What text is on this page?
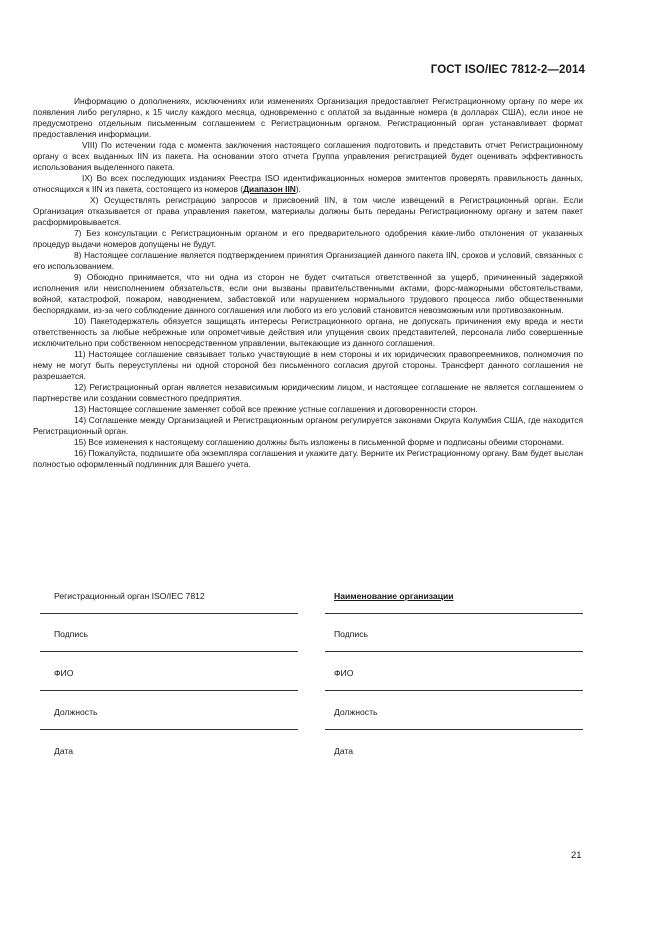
ГОСТ ISO/IEC 7812-2—2014

Информацию о дополнениях, исключениях или изменениях Организация предоставляет Регистрационному органу по мере их появления либо регулярно, к 15 числу каждого месяца, одновременно с оплатой за выданные номера (в долларах США), если иное не предусмотрено отдельным письменным соглашением с Регистрационным органом. Регистрационный орган устанавливает формат предоставления информации.

VIII) По истечении года с момента заключения настоящего соглашения подготовить и представить отчет Регистрационному органу о всех выданных IIN из пакета. На основании этого отчета Группа управления регистрацией будет оценивать эффективность использования выделенного пакета.

IX) Во всех последующих изданиях Реестра ISO идентификационных номеров эмитентов проверять правильность данных, относящихся к IIN из пакета, состоящего из номеров (Диапазон IIN).

X) Осуществлять регистрацию запросов и присвоений IIN, в том числе извещений в Регистрационный орган. Если Организация отказывается от права управления пакетом, материалы должны быть переданы Регистрационному органу и затем пакет расформировывается.

7) Без консультации с Регистрационным органом и его предварительного одобрения какие-либо отклонения от указанных процедур выдачи номеров допущены не будут.

8) Настоящее соглашение является подтверждением принятия Организацией данного пакета IIN, сроков и условий, связанных с его использованием.

9) Обоюдно принимается, что ни одна из сторон не будет считаться ответственной за ущерб, причиненный задержкой исполнения или неисполнением обязательств, если они вызваны правительственными актами, форс-мажорными обстоятельствами, войной, катастрофой, пожаром, наводнением, забастовкой или нарушением нормального трудового процесса либо общественными беспорядками, из-за чего соблюдение данного соглашения или любого из его условий становится невозможным или противозаконным.

10) Пакетодержатель обязуется защищать интересы Регистрационного органа, не допускать причинения ему вреда и нести ответственность за любые небрежные или опрометчивые действия или упущения своих представителей, персонала либо совершенные исключительно при собственном непосредственном управлении, вытекающие из данного соглашения.

11) Настоящее соглашение связывает только участвующие в нем стороны и их юридических правопреемников, полномочия по нему не могут быть переуступлены ни одной стороной без письменного согласия другой стороны. Трансферт данного соглашения не разрешается.

12) Регистрационный орган является независимым юридическим лицом, и настоящее соглашение не является соглашением о партнерстве или создании совместного предприятия.

13) Настоящее соглашение заменяет собой все прежние устные соглашения и договоренности сторон.

14) Соглашение между Организацией и Регистрационным органом регулируется законами Округа Колумбия США, где находится Регистрационный орган.

15) Все изменения к настоящему соглашению должны быть изложены в письменной форме и подписаны обеими сторонами.

16) Пожалуйста, подпишите оба экземпляра соглашения и укажите дату. Верните их Регистрационному органу. Вам будет выслан полностью оформленный подлинник для Вашего учета.

Регистрационный орган ISO/IEC 7812	Наименование организации
Подпись	Подпись
ФИО	ФИО
Должность	Должность
Дата	Дата
21
